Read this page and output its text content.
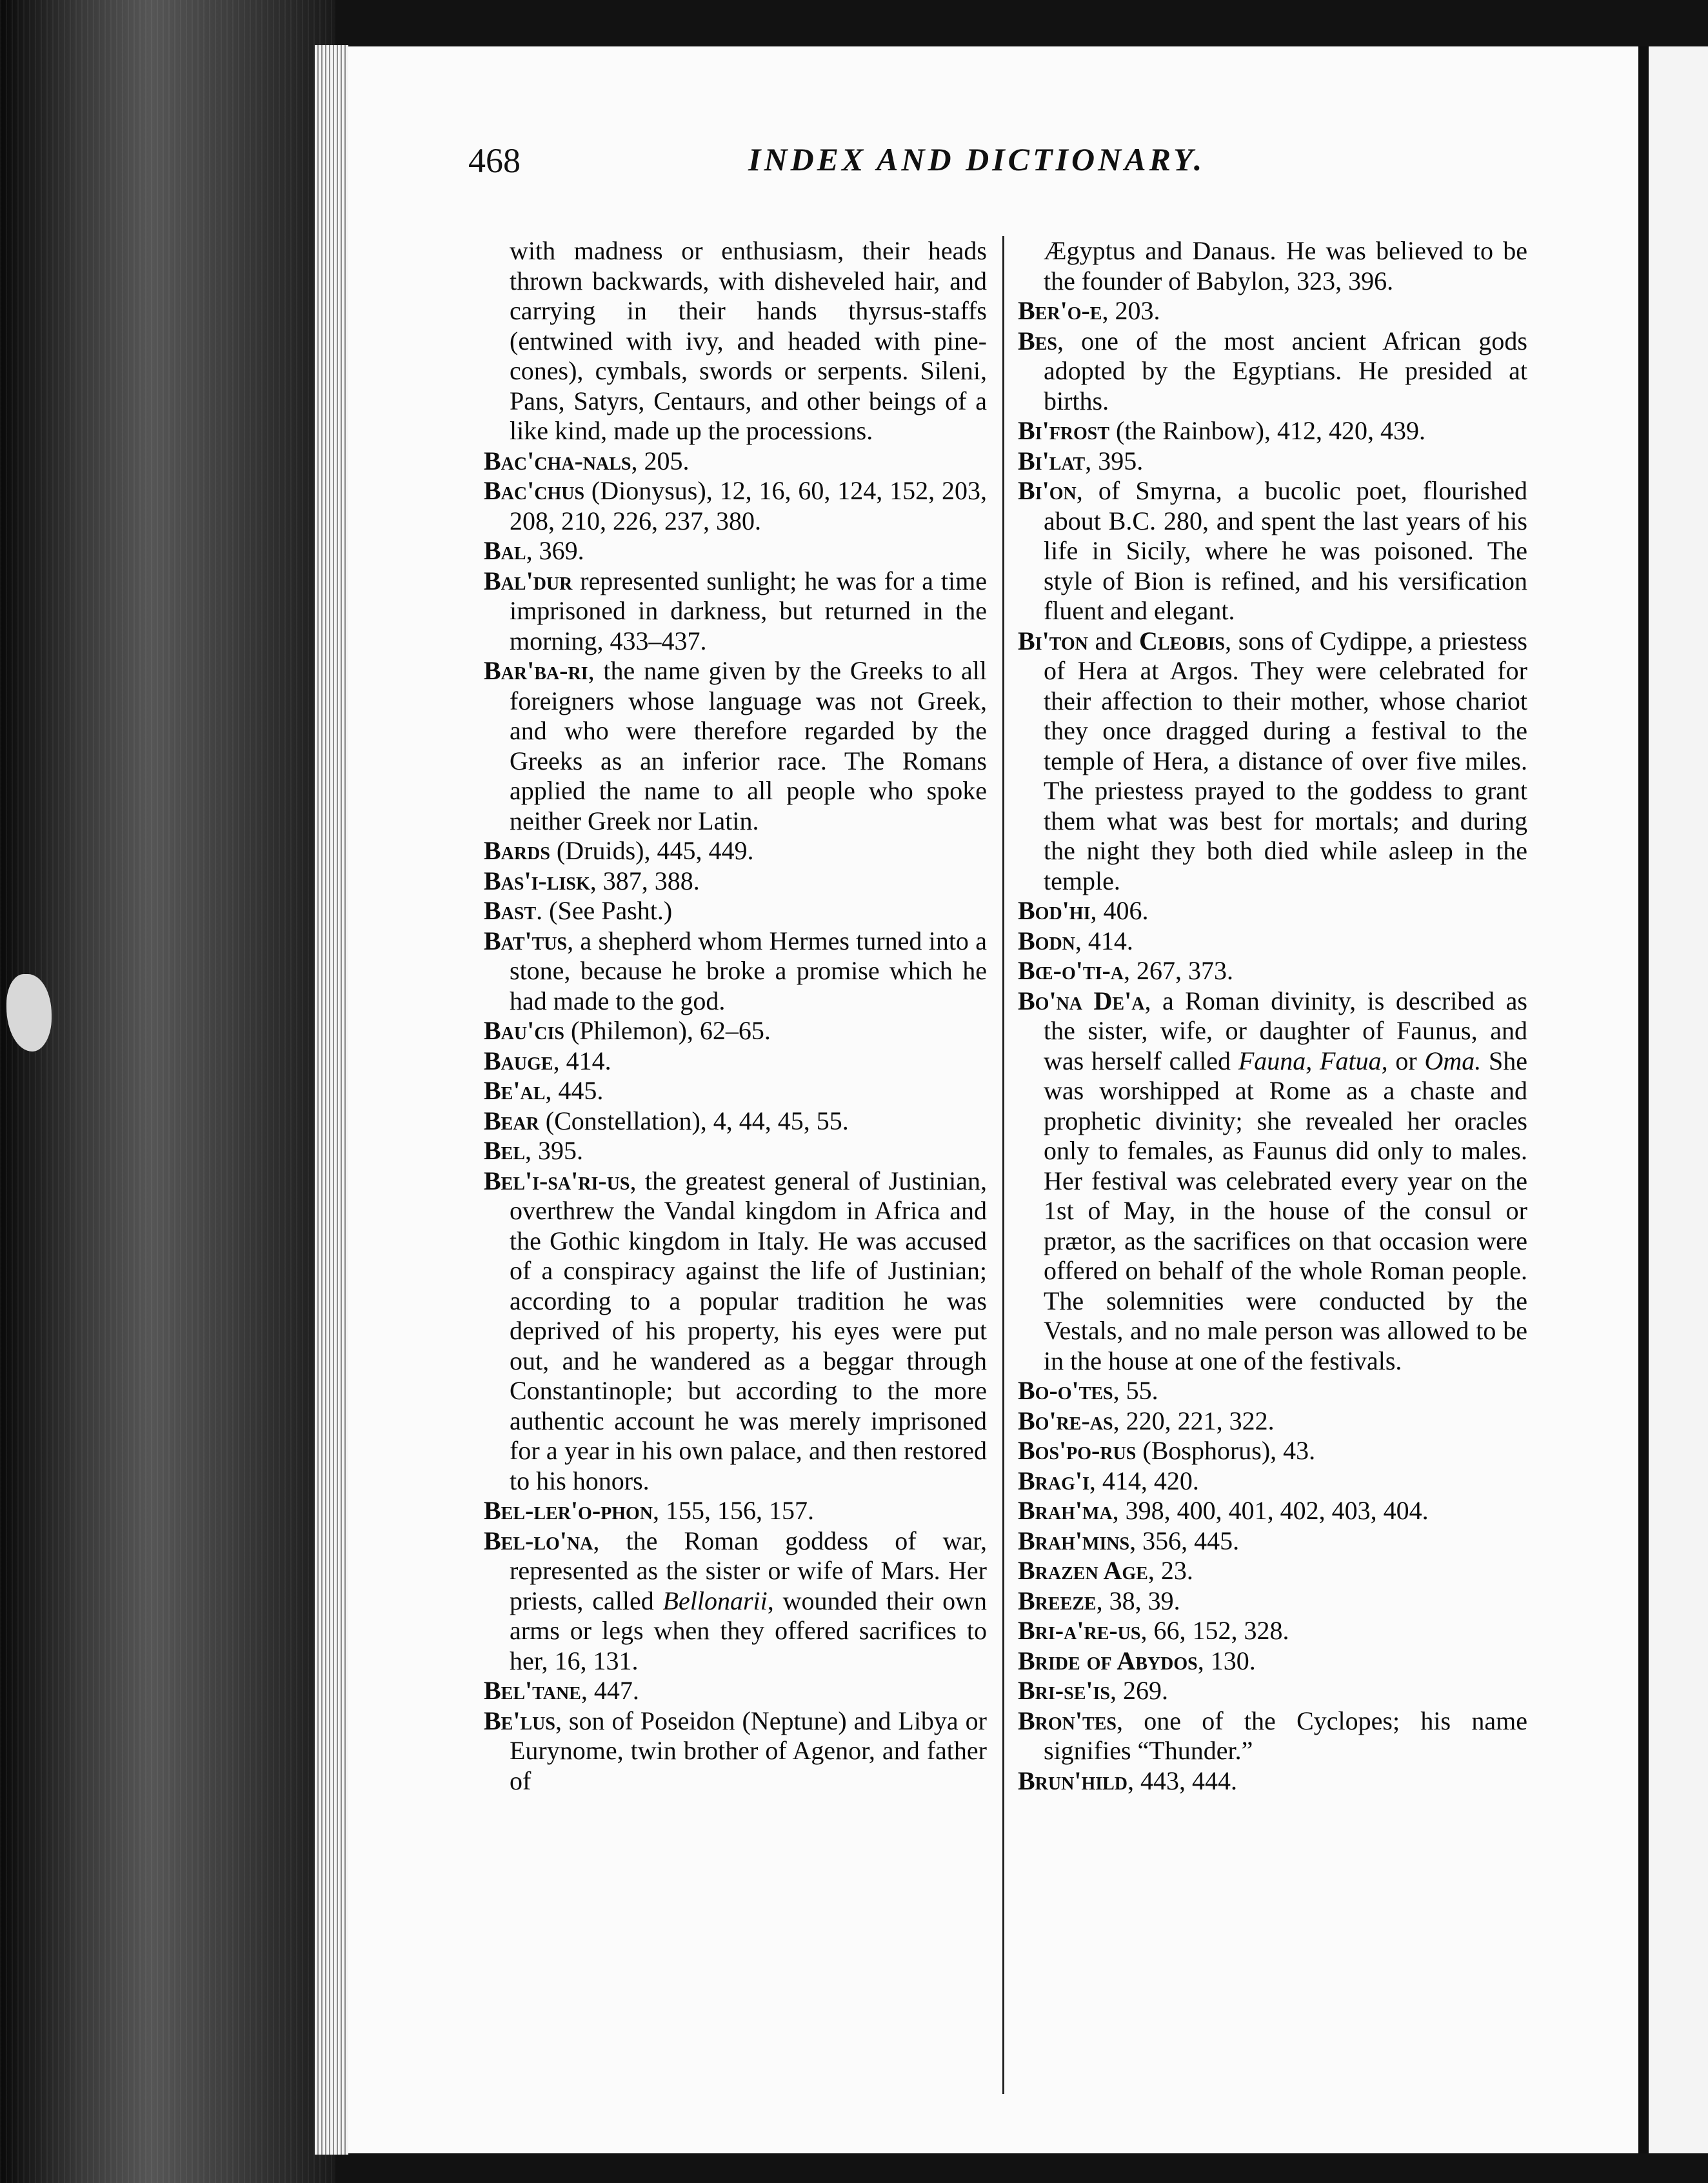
468	INDEX AND DICTIONARY.

with madness or enthusiasm, their heads thrown backwards, with disheveled hair, and carrying in their hands thyrsus-staffs (entwined with ivy, and headed with pine-cones), cymbals, swords or serpents. Sileni, Pans, Satyrs, Centaurs, and other beings of a like kind, made up the processions.

Bac'cha-nals, 205.

Bac'chus (Dionysus), 12, 16, 60, 124, 152, 203, 208, 210, 226, 237, 380.

Bal, 369.

Bal'dur represented sunlight; he was for a time imprisoned in darkness, but returned in the morning, 433–437.

Bar'ba-ri, the name given by the Greeks to all foreigners whose language was not Greek, and who were therefore regarded by the Greeks as an inferior race. The Romans applied the name to all people who spoke neither Greek nor Latin.

Bards (Druids), 445, 449.

Bas'i-lisk, 387, 388.

Bast. (See Pasht.)

Bat'tus, a shepherd whom Hermes turned into a stone, because he broke a promise which he had made to the god.

Bau'cis (Philemon), 62–65.

Bauge, 414.

Be'al, 445.

Bear (Constellation), 4, 44, 45, 55.

Bel, 395.

Bel'i-sa'ri-us, the greatest general of Justinian, overthrew the Vandal kingdom in Africa and the Gothic kingdom in Italy. He was accused of a conspiracy against the life of Justinian; according to a popular tradition he was deprived of his property, his eyes were put out, and he wandered as a beggar through Constantinople; but according to the more authentic account he was merely imprisoned for a year in his own palace, and then restored to his honors.

Bel-ler'o-phon, 155, 156, 157.

Bel-lo'na, the Roman goddess of war, represented as the sister or wife of Mars. Her priests, called Bellonarii, wounded their own arms or legs when they offered sacrifices to her, 16, 131.

Bel'tane, 447.

Be'lus, son of Poseidon (Neptune) and Libya or Eurynome, twin brother of Agenor, and father of

Ægyptus and Danaus. He was believed to be the founder of Babylon, 323, 396.

Ber'o-e, 203.

Bes, one of the most ancient African gods adopted by the Egyptians. He presided at births.

Bi'frost (the Rainbow), 412, 420, 439.

Bi'lat, 395.

Bi'on, of Smyrna, a bucolic poet, flourished about B.C. 280, and spent the last years of his life in Sicily, where he was poisoned. The style of Bion is refined, and his versification fluent and elegant.

Bi'ton and Cleobis, sons of Cydippe, a priestess of Hera at Argos. They were celebrated for their affection to their mother, whose chariot they once dragged during a festival to the temple of Hera, a distance of over five miles. The priestess prayed to the goddess to grant them what was best for mortals; and during the night they both died while asleep in the temple.

Bod'hi, 406.

Bodn, 414.

Bœ-o'ti-a, 267, 373.

Bo'na De'a, a Roman divinity, is described as the sister, wife, or daughter of Faunus, and was herself called Fauna, Fatua, or Oma. She was worshipped at Rome as a chaste and prophetic divinity; she revealed her oracles only to females, as Faunus did only to males. Her festival was celebrated every year on the 1st of May, in the house of the consul or prætor, as the sacrifices on that occasion were offered on behalf of the whole Roman people. The solemnities were conducted by the Vestals, and no male person was allowed to be in the house at one of the festivals.

Bo-o'tes, 55.

Bo're-as, 220, 221, 322.

Bos'po-rus (Bosphorus), 43.

Brag'i, 414, 420.

Brah'ma, 398, 400, 401, 402, 403, 404.

Brah'mins, 356, 445.

Brazen Age, 23.

Breeze, 38, 39.

Bri-a're-us, 66, 152, 328.

Bride of Abydos, 130.

Bri-se'is, 269.

Bron'tes, one of the Cyclopes; his name signifies “Thunder.”

Brun'hild, 443, 444.
